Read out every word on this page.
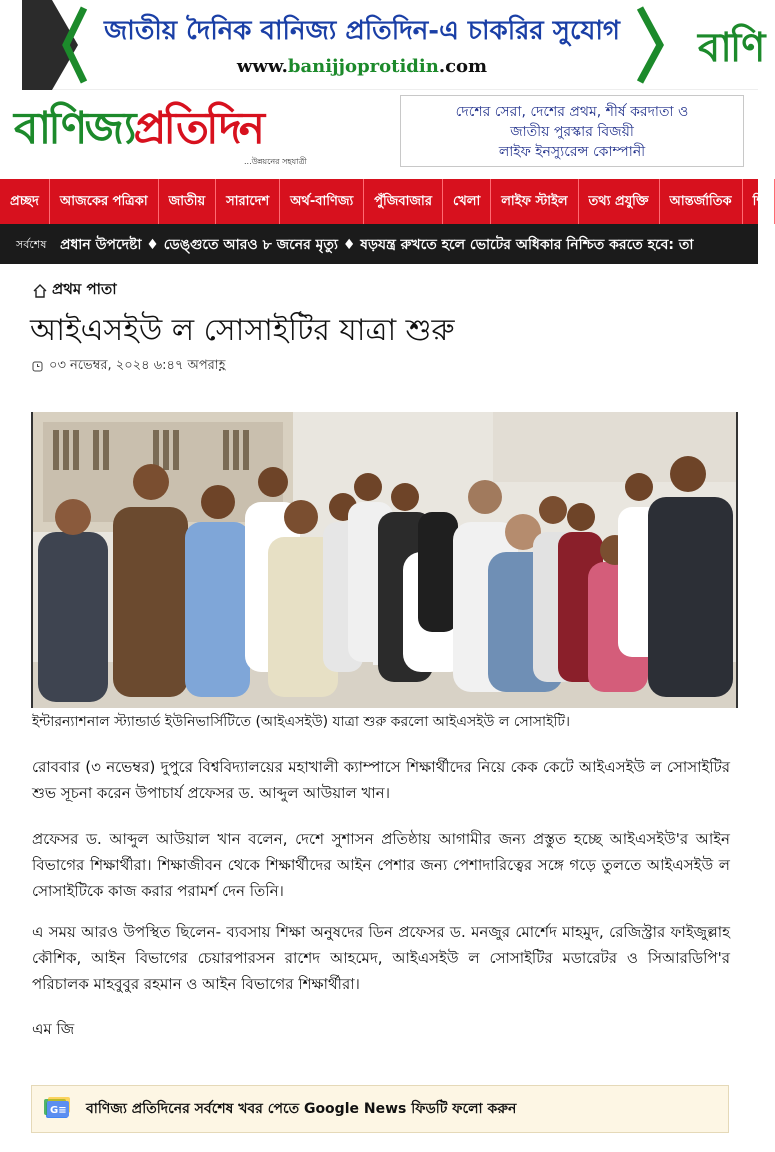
জাতীয় দৈনিক বানিজ্য প্রতিদিন-এ চাকরির সুযোগ
www.banijjoprotidin.com	বাণি
বাণিজ্যপ্রতিদিন
...উন্নয়নের সহযাত্রী
দেশের সেরা, দেশের প্রথম, শীর্ষ করদাতা ও
জাতীয় পুরস্কার বিজয়ী
লাইফ ইনস্যুরেন্স কোম্পানী
প্রচ্ছদ	আজকের পত্রিকা	জাতীয়	সারাদেশ	অর্থ-বাণিজ্য	পুঁজিবাজার	খেলা	লাইফ স্টাইল	তথ্য প্রযুক্তি	আন্তর্জাতিক	শি
সর্বশেষ প্রধান উপদেষ্টা ♦ ডেঙ্গুতে আরও ৮ জনের মৃত্যু ♦ ষড়যন্ত্র রুখতে হলে ভোটের অধিকার নিশ্চিত করতে হবে: তা
প্রথম পাতা
আইএসইউ ল সোসাইটির যাত্রা শুরু
০৩ নভেম্বর, ২০২৪ ৬:৪৭ অপরাহ্ণ
ইন্টারন্যাশনাল স্ট্যান্ডার্ড ইউনিভার্সিটিতে (আইএসইউ) যাত্রা শুরু করলো আইএসইউ ল সোসাইটি।

রোববার (৩ নভেম্বর) দুপুরে বিশ্ববিদ্যালয়ের মহাখালী ক্যাম্পাসে শিক্ষার্থীদের নিয়ে কেক কেটে আইএসইউ ল সোসাইটির শুভ সূচনা করেন উপাচার্য প্রফেসর ড. আব্দুল আউয়াল খান।

প্রফেসর ড. আব্দুল আউয়াল খান বলেন, দেশে সুশাসন প্রতিষ্ঠায় আগামীর জন্য প্রস্তুত হচ্ছে আইএসইউ'র আইন বিভাগের শিক্ষার্থীরা। শিক্ষাজীবন থেকে শিক্ষার্থীদের আইন পেশার জন্য পেশাদারিত্বের সঙ্গে গড়ে তুলতে আইএসইউ ল সোসাইটিকে কাজ করার পরামর্শ দেন তিনি।

এ সময় আরও উপস্থিত ছিলেন- ব্যবসায় শিক্ষা অনুষদের ডিন প্রফেসর ড. মনজুর মোর্শেদ মাহমুদ, রেজিস্ট্রার ফাইজুল্লাহ কৌশিক, আইন বিভাগের চেয়ারপারসন রাশেদ আহমেদ, আইএসইউ ল সোসাইটির মডারেটর ও সিআরডিপি'র পরিচালক মাহবুবুর রহমান ও আইন বিভাগের শিক্ষার্থীরা।

এম জি
G≡ বাণিজ্য প্রতিদিনের সর্বশেষ খবর পেতে Google News ফিডটি ফলো করুন
